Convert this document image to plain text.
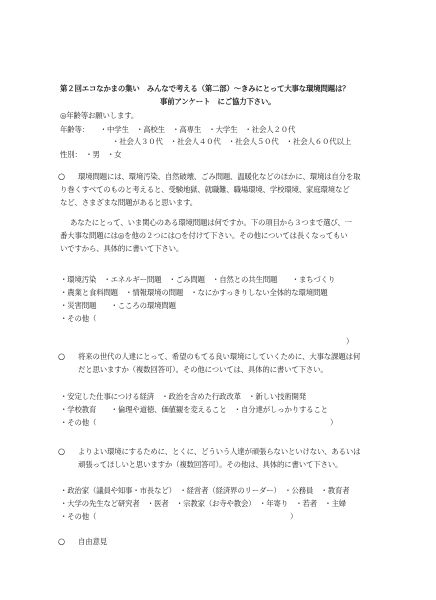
第２回エコなかまの集い　みんなで考える（第二部）～きみにとって大事な環境問題は？
事前アンケート　にご協力下さい。
◎年齢等お願いします。
年齢等：　　・中学生　・高校生　・高専生　・大学生　・社会人２０代
・社会人３０代　・社会人４０代　・社会人５０代　・社会人６０代以上
性別：　・男　・女
○ 環境問題には、環境汚染、自然破壊、ごみ問題、温暖化などのほかに、環境は自分を取
り巻くすべてのものと考えると、受験地獄、就職難、職場環境、学校環境、家庭環境など
など、さまざまな問題があると思います。
あなたにとって、いま関心のある環境問題は何ですか。下の項目から３つまで選び、一
番大事な問題には◎を他の２つには○を付けて下さい。その他については長くなってもい
いですから、具体的に書いて下さい。
・環境汚染　・エネルギー問題　・ごみ問題　・自然との共生問題　　・まちづくり
・農業と食料問題　・情報環境の問題　・なにかすっきりしない全体的な環境問題
・災害問題　　・こころの環境問題
・その他（
）
○ 将来の世代の人達にとって、希望のもてる良い環境にしていくために、大事な課題は何
だと思いますか（複数回答可）。その他については、具体的に書いて下さい。
・安定した仕事につける経済　・政治を含めた行政改革　・新しい技術開発
・学校教育　　・倫理や道徳、価値観を変えること　・自分達がしっかりすること
・その他（	）
○ よりよい環境にするために、とくに、どういう人達が頑張らないといけない、あるいは
頑張ってほしいと思いますか（複数回答可）。その他は、具体的に書いて下さい。
・政治家（議員や知事・市長など）　・経営者（経済界のリーダー）　・公務員　・教育者
・大学の先生など研究者　・医者　・宗教家（お寺や教会）　・年寄り　・若者　・主婦
・その他（	）
○ 自由意見
